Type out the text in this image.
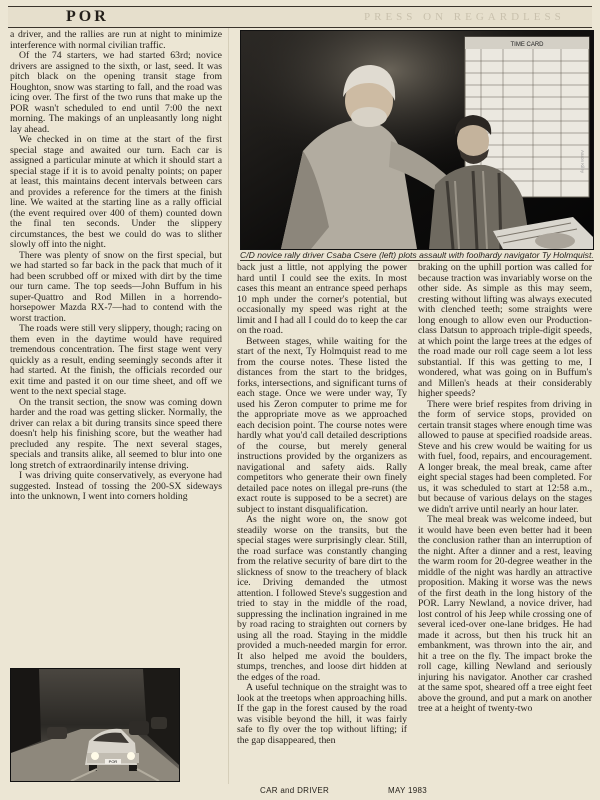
POR	PRESS ON REGARDLESS

a driver, and the rallies are run at night to minimize interference with normal civilian traffic.

Of the 74 starters, we had started 63rd; novice drivers are assigned to the sixth, or last, seed. It was pitch black on the opening transit stage from Houghton, snow was starting to fall, and the road was icing over. The first of the two runs that make up the POR wasn't scheduled to end until 7:00 the next morning. The makings of an unpleasantly long night lay ahead.

We checked in on time at the start of the first special stage and awaited our turn. Each car is assigned a particular minute at which it should start a special stage if it is to avoid penalty points; on paper at least, this maintains decent intervals between cars and provides a reference for the timers at the finish line. We waited at the starting line as a rally official (the event required over 400 of them) counted down the final ten seconds. Under the slippery circumstances, the best we could do was to slither slowly off into the night.

There was plenty of snow on the first special, but we had started so far back in the pack that much of it had been scrubbed off or mixed with dirt by the time our turn came. The top seeds—John Buffum in his super-Quattro and Rod Millen in a horrendo-horsepower Mazda RX-7—had to contend with the worst traction.

The roads were still very slippery, though; racing on them even in the daytime would have required tremendous concentration. The first stage went very quickly as a result, ending seemingly seconds after it had started. At the finish, the officials recorded our exit time and pasted it on our time sheet, and off we went to the next special stage.

On the transit section, the snow was coming down harder and the road was getting slicker. Normally, the driver can relax a bit during transits since speed there doesn't help his finishing score, but the weather had precluded any respite. The next several stages, specials and transits alike, all seemed to blur into one long stretch of extraordinarily intense driving.

I was driving quite conservatively, as everyone had suggested. Instead of tossing the 200-SX sideways into the unknown, I went into corners holding

TIME CARD
Aaron Kiley
C/D novice rally driver Csaba Csere (left) plots assault with foolhardy navigator Ty Holmquist.

back just a little, not applying the power hard until I could see the exits. In most cases this meant an entrance speed perhaps 10 mph under the corner's potential, but occasionally my speed was right at the limit and I had all I could do to keep the car on the road.

Between stages, while waiting for the start of the next, Ty Holmquist read to me from the course notes. These listed the distances from the start to the bridges, forks, intersections, and significant turns of each stage. Once we were under way, Ty used his Zeron computer to prime me for the appropriate move as we approached each decision point. The course notes were hardly what you'd call detailed descriptions of the course, but merely general instructions provided by the organizers as navigational and safety aids. Rally competitors who generate their own finely detailed pace notes on illegal pre-runs (the exact route is supposed to be a secret) are subject to instant disqualification.

As the night wore on, the snow got steadily worse on the transits, but the special stages were surprisingly clear. Still, the road surface was constantly changing from the relative security of bare dirt to the slickness of snow to the treachery of black ice. Driving demanded the utmost attention. I followed Steve's suggestion and tried to stay in the middle of the road, suppressing the inclination ingrained in me by road racing to straighten out corners by using all the road. Staying in the middle provided a much-needed margin for error. It also helped me avoid the boulders, stumps, trenches, and loose dirt hidden at the edges of the road.

A useful technique on the straight was to look at the treetops when approaching hills. If the gap in the forest caused by the road was visible beyond the hill, it was fairly safe to fly over the top without lifting; if the gap disappeared, then

braking on the uphill portion was called for because traction was invariably worse on the other side. As simple as this may seem, cresting without lifting was always executed with clenched teeth; some straights were long enough to allow even our Production-class Datsun to approach triple-digit speeds, at which point the large trees at the edges of the road made our roll cage seem a lot less substantial. If this was getting to me, I wondered, what was going on in Buffum's and Millen's heads at their considerably higher speeds?

There were brief respites from driving in the form of service stops, provided on certain transit stages where enough time was allowed to pause at specified roadside areas. Steve and his crew would be waiting for us with fuel, food, repairs, and encouragement. A longer break, the meal break, came after eight special stages had been completed. For us, it was scheduled to start at 12:58 a.m., but because of various delays on the stages we didn't arrive until nearly an hour later.

The meal break was welcome indeed, but it would have been even better had it been the conclusion rather than an interruption of the night. After a dinner and a rest, leaving the warm room for 20-degree weather in the middle of the night was hardly an attractive proposition. Making it worse was the news of the first death in the long history of the POR. Larry Newland, a novice driver, had lost control of his Jeep while crossing one of several iced-over one-lane bridges. He had made it across, but then his truck hit an embankment, was thrown into the air, and hit a tree on the fly. The impact broke the roll cage, killing Newland and seriously injuring his navigator. Another car crashed at the same spot, sheared off a tree eight feet above the ground, and put a mark on another tree at a height of twenty-two

POR
CAR and DRIVER	MAY 1983
